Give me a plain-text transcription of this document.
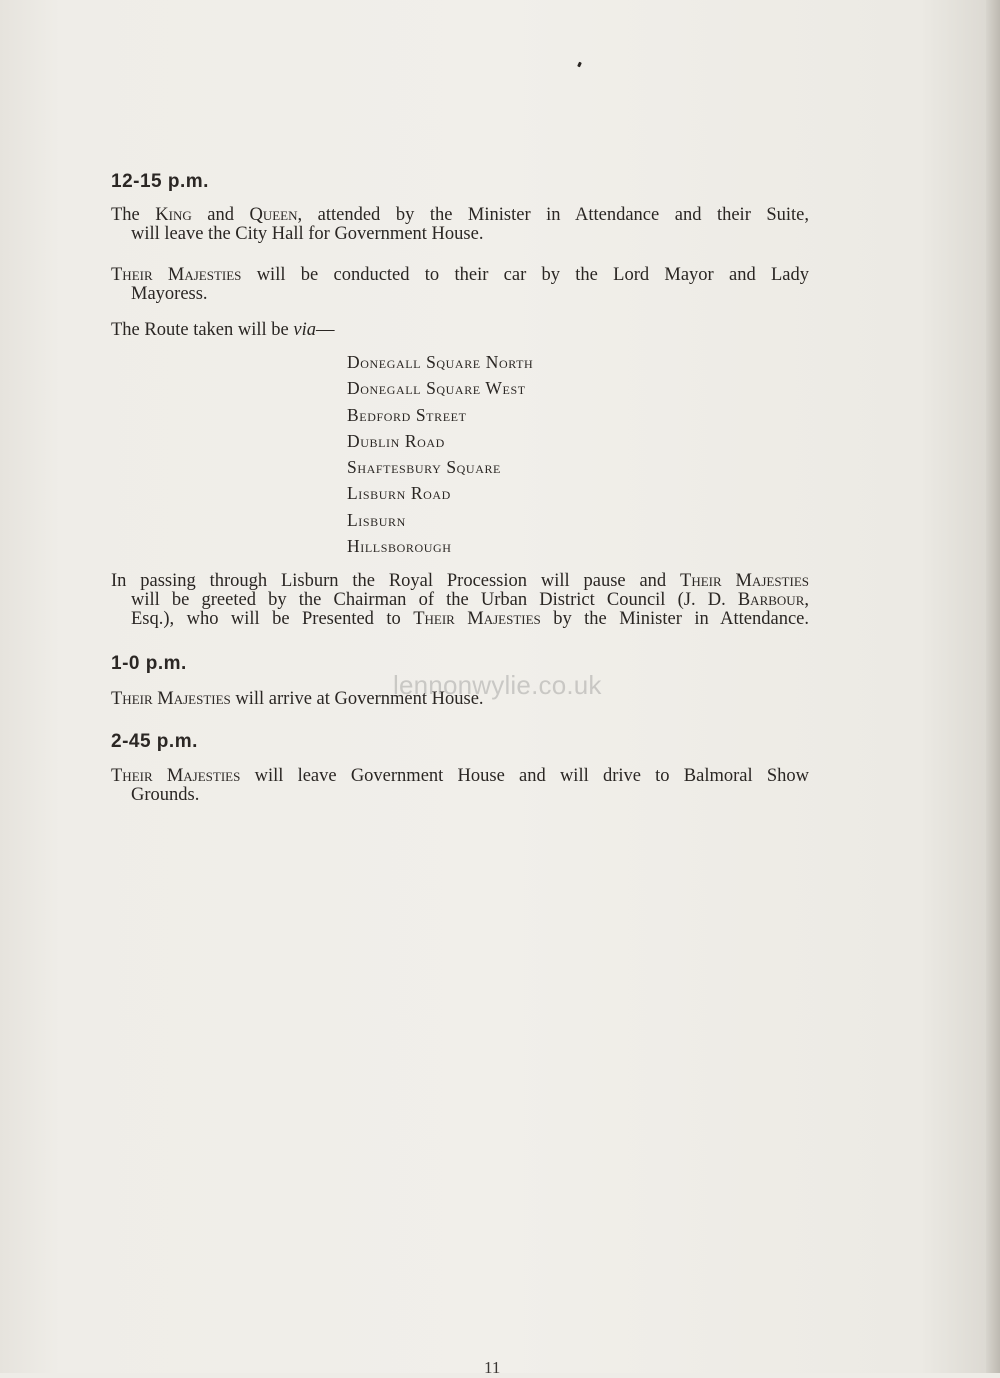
12-15 p.m.

The King and Queen, attended by the Minister in Attendance and their Suite,
will leave the City Hall for Government House.

Their Majesties will be conducted to their car by the Lord Mayor and Lady
Mayoress.

The Route taken will be via—

Donegall Square North
Donegall Square West
Bedford Street
Dublin Road
Shaftesbury Square
Lisburn Road
Lisburn
Hillsborough

In passing through Lisburn the Royal Procession will pause and Their Majesties
will be greeted by the Chairman of the Urban District Council (J. D. Barbour,
Esq.), who will be Presented to Their Majesties by the Minister in Attendance.

1-0 p.m.

Their Majesties will arrive at Government House.

2-45 p.m.

Their Majesties will leave Government House and will drive to Balmoral Show
Grounds.

lennonwylie.co.uk
11
